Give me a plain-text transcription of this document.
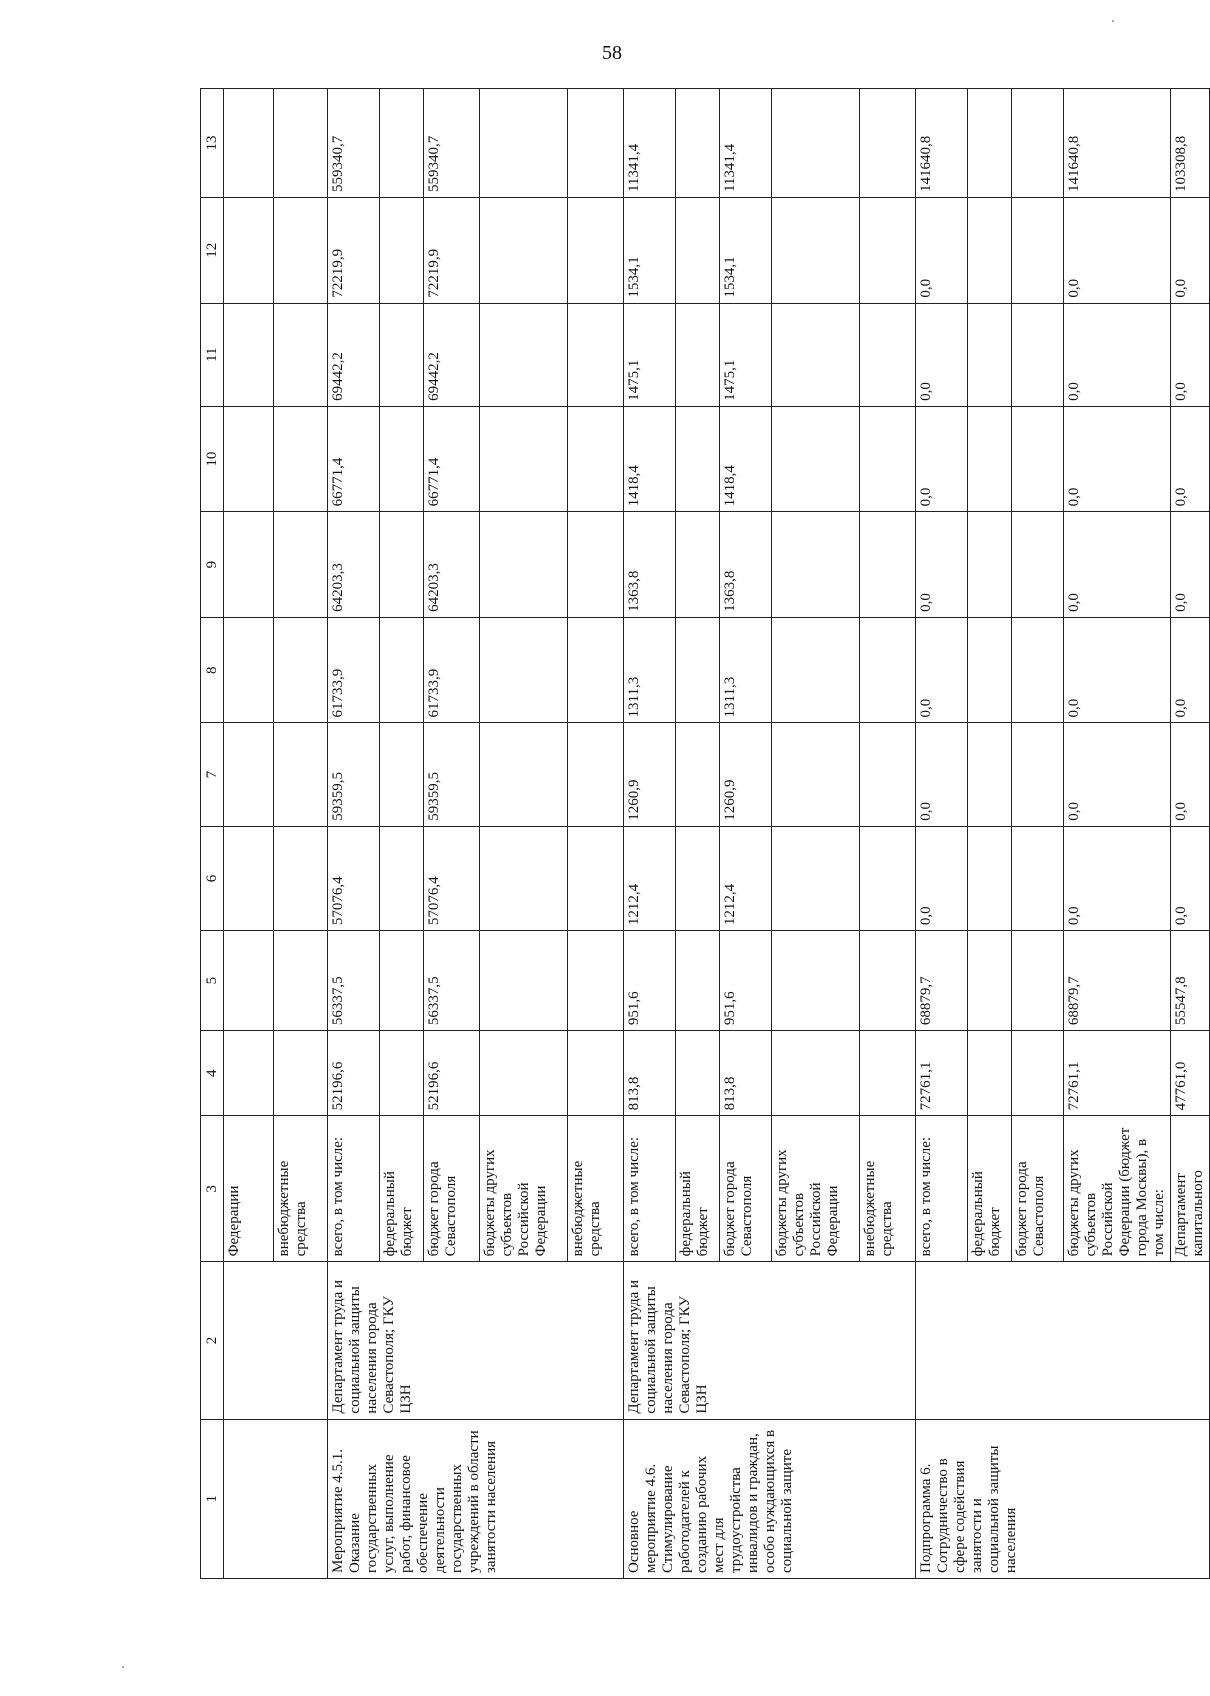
58
1	2	3	4	5	6	7	8	9	10	11	12	13
		Федерации										
		внебюджетные средства										
Мероприятие 4.5.1. Оказание государственных услуг, выполнение работ, финансовое обеспечение деятельности государственных учреждений в области занятости населения	Департамент труда и социальной защиты населения города Севастополя; ГКУ ЦЗН	всего, в том числе:	52196,6	56337,5	57076,4	59359,5	61733,9	64203,3	66771,4	69442,2	72219,9	559340,7
		федеральный бюджет										
		бюджет города Севастополя	52196,6	56337,5	57076,4	59359,5	61733,9	64203,3	66771,4	69442,2	72219,9	559340,7
		бюджеты других субъектов Российской Федерации										
		внебюджетные средства										
Основное мероприятие 4.6. Стимулирование работодателей к созданию рабочих мест для трудоустройства инвалидов и граждан, особо нуждающихся в социальной защите	Департамент труда и социальной защиты населения города Севастополя; ГКУ ЦЗН	всего, в том числе:	813,8	951,6	1212,4	1260,9	1311,3	1363,8	1418,4	1475,1	1534,1	11341,4
		федеральный бюджет										
		бюджет города Севастополя	813,8	951,6	1212,4	1260,9	1311,3	1363,8	1418,4	1475,1	1534,1	11341,4
		бюджеты других субъектов Российской Федерации										
		внебюджетные средства										
Подпрограмма 6. Сотрудничество в сфере содействия занятости и социальной защиты населения		всего, в том числе:	72761,1	68879,7	0,0	0,0	0,0	0,0	0,0	0,0	0,0	141640,8
		федеральный бюджет										
		бюджет города Севастополя										
		бюджеты других субъектов Российской Федерации (бюджет города Москвы), в том числе:	72761,1	68879,7	0,0	0,0	0,0	0,0	0,0	0,0	0,0	141640,8
		Департамент капитального	47761,0	55547,8	0,0	0,0	0,0	0,0	0,0	0,0	0,0	103308,8
